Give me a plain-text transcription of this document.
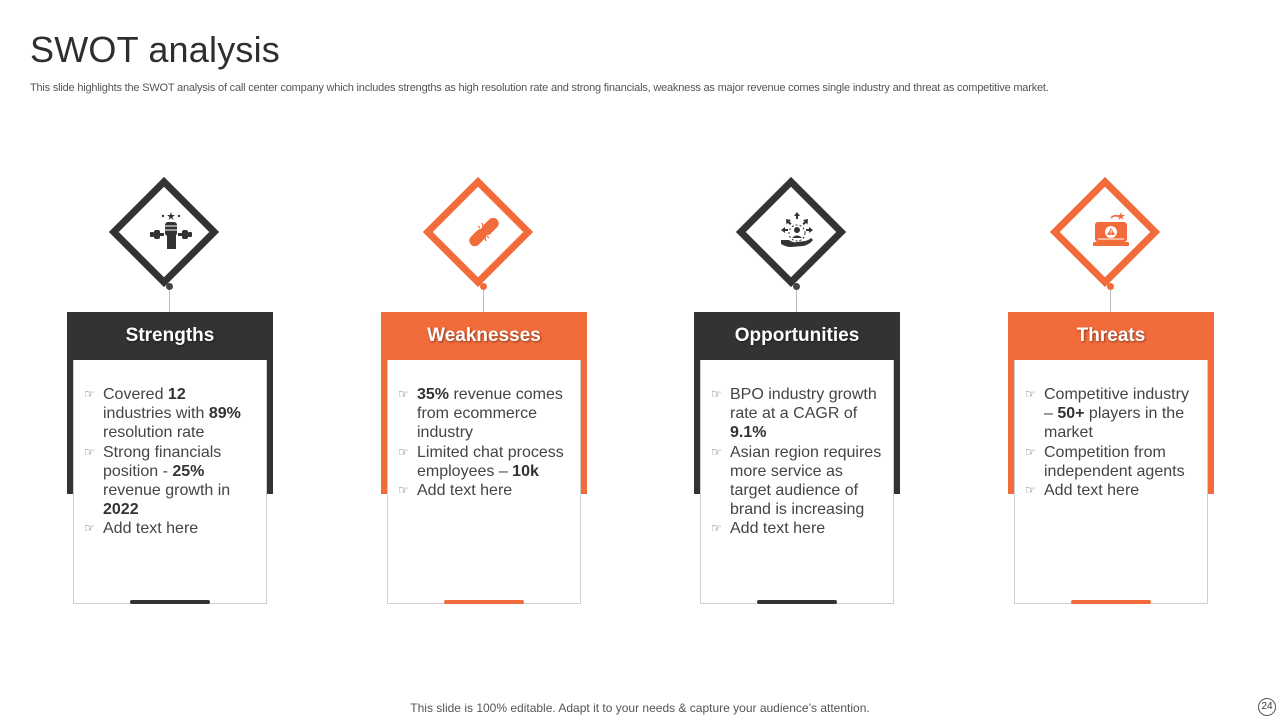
SWOT analysis
This slide highlights the SWOT analysis of call center company which includes strengths as high resolution rate and strong financials, weakness as major revenue comes single industry and threat as competitive market.
Strengths
☞ Covered 12 industries with 89% resolution rate
☞ Strong financials position - 25% revenue growth in 2022
☞ Add text here
Weaknesses
☞ 35% revenue comes from ecommerce industry
☞ Limited chat process employees – 10k
☞ Add text here
Opportunities
☞ BPO industry growth rate at a CAGR of 9.1%
☞ Asian region requires more service as target audience of brand is increasing
☞ Add text here
Threats
☞ Competitive industry – 50+ players in the market
☞ Competition from independent agents
☞ Add text here
This slide is 100% editable. Adapt it to your needs & capture your audience’s attention.	24
